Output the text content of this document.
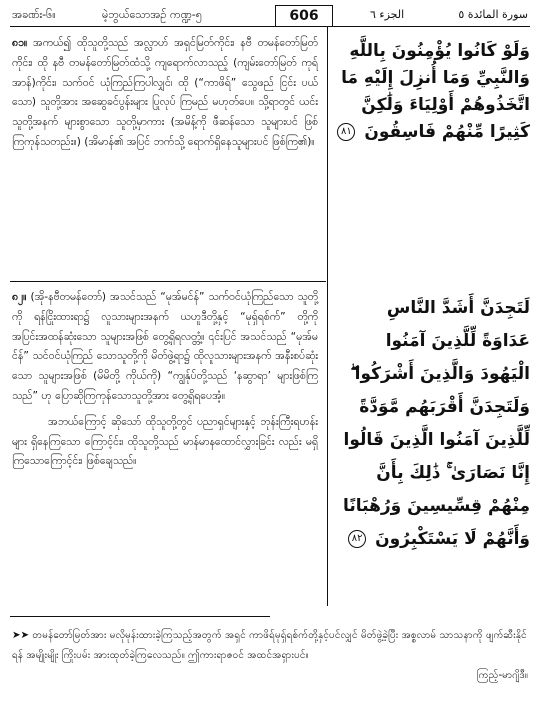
အခဏ်း-၆။	မဲ့ဘွယ်သောအဉ် ကဏ္ဍ-၅	606	الجزء ٦	سورة المائدة ٥

၈၁။ အကယ်၍ ထိုသူတို့သည် အလ္လာဟ် အရှင်မြတ်ကိုင်း၊ နဗီ တမန်တော်မြတ် ကိုင်း၊ ထို နဗီ တမန်တော်မြတ်ထံသို့ ကျရောက်လာသည့် (ကျမ်းတော်မြတ် ကုရ်အာန်)ကိုင်း၊ သက်ဝင် ယုံကြည်ကြပါလျှင်၊ ထို (“ကာဖိရ်” သွေဖည် ငြင်း ပယ်သော) သူတို့အား အဆွေခင်ပွန်းများ ပြုလုပ် ကြမည် မဟုတ်ပေ။ သို့ရာတွင် ယင်းသူတို့အနက် များစွာသော သူတို့မှာကား (အမိန့်ကို ဖီဆန်သော သူများပင် ဖြစ်ကြကုန်သတည်း။) (အိမာန်၏ အပြင် ဘက်သို့ ရောက်ရှိနေသူများပင် ဖြစ်ကြ၏)။

၈၂။ (အို-နဗီတမန်တော်) အသင်သည် “မုအ်မင်န်” သက်ဝင်ယုံကြည်သော သူတို့ကို ရန်ငြိုးထားရာ၌ လူသားများအနက် ယဟူဒီတို့နှင့် “မုရှ်ရစ်က်” တို့ကို အပြင်းအထန်ဆုံးသော သူများအဖြစ် တွေ့ရှိရလတ္တံ့။ ၎င်းပြင် အသင်သည် “မုအ်မင်န်” သင်ဝင်ယုံကြည် သောသူတို့ကို မိတ်ဖွဲ့ရာ၌ ထိုလူသားများအနက် အနီးစပ်ဆုံးသော သူများအဖြစ် (မိမိတို့ ကိုယ်ကို) “ကျွန်ုပ်တို့သည် ‘နဆွာရာ’ များဖြစ်ကြသည်” ဟု ပြောဆိုကြကုန်သောသူတို့အား တွေ့ရှိရပေအံ့။

အဘယ်ကြောင့် ဆိုသော် ထိုသူတို့တွင် ပညာရှင်များနှင့် ဘုန်းကြီးရဟန်းများ ရှိနေကြသော ကြောင့်င်း၊ ထိုသူတို့သည် မာန်မာနထောင်လွှားခြင်း လည်း မရှိကြသောကြောင့်င်း၊ ဖြစ်ချေသည်။

وَلَوْ كَانُوا يُؤْمِنُونَ بِاللَّهِ وَالنَّبِيِّ وَمَا أُنزِلَ إِلَيْهِ مَا اتَّخَذُوهُمْ أَوْلِيَاءَ وَلَٰكِنَّ كَثِيرًا مِّنْهُمْ فَاسِقُونَ ٨١

لَتَجِدَنَّ أَشَدَّ النَّاسِ عَدَاوَةً لِّلَّذِينَ آمَنُوا الْيَهُودَ وَالَّذِينَ أَشْرَكُوا ۖ وَلَتَجِدَنَّ أَقْرَبَهُم مَّوَدَّةً لِّلَّذِينَ آمَنُوا الَّذِينَ قَالُوا إِنَّا نَصَارَىٰ ۚ ذَٰلِكَ بِأَنَّ مِنْهُمْ قِسِّيسِينَ وَرُهْبَانًا وَأَنَّهُمْ لَا يَسْتَكْبِرُونَ ٨٢

➤➤ တမန်တော်မြတ်အား မလိုမုန်းထားခဲ့ကြသည့်အတွက် အရှင် ကာဖိရ်မုရှ်ရစ်က်တို့နှင့်ပင်လျှင် မိတ်ဖွဲ့ခဲ့ပြီး အစ္စလာမ် သာသနာကို ဖျက်ဆီးနိုင်ရန် အမျိုးမျိုး ကြိုးပမ်း အားထုတ်ခဲ့ကြလေသည်။ ဤကားရာဇဝင် အထင်အရှားပင်။
ကြည့်-မာဂျိဒီ။
